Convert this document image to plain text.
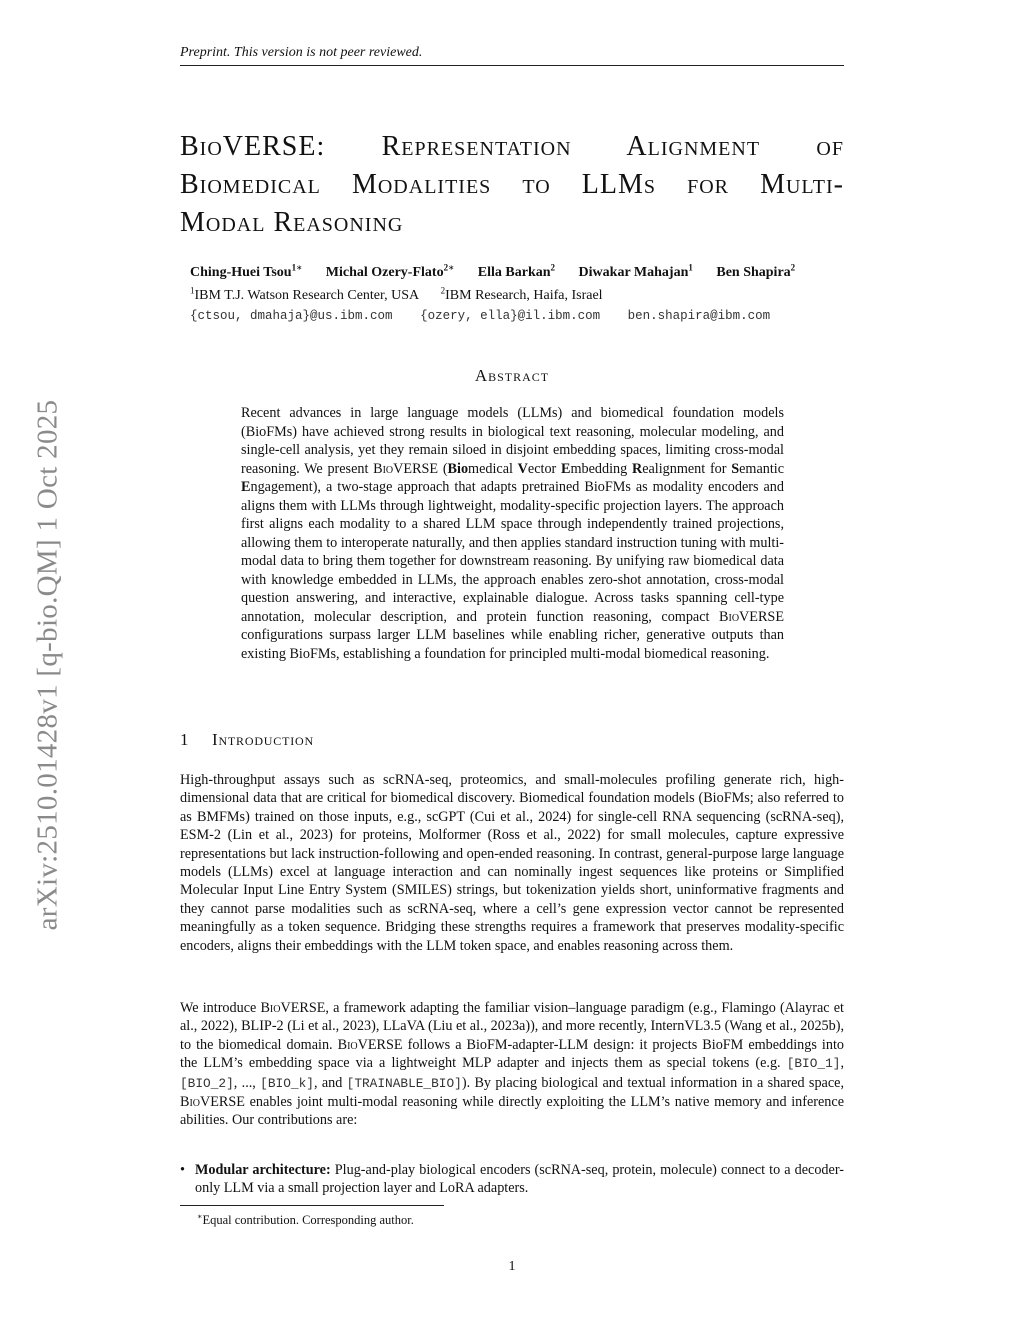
Preprint. This version is not peer reviewed.
arXiv:2510.01428v1 [q-bio.QM] 1 Oct 2025
BioVERSE: Representation Alignment of
Biomedical Modalities to LLMs for Multi-
Modal Reasoning
Ching-Huei Tsou$^{1∗}$ Michal Ozery-Flato$^{2∗}$ Ella Barkan$^2$ Diwakar Mahajan$^1$ Ben Shapira$^2$
$^1$IBM T.J. Watson Research Center, USA $^2$IBM Research, Haifa, Israel
{ctsou, dmahaja}@us.ibm.com {ozery, ella}@il.ibm.com ben.shapira@ibm.com
Abstract
Recent advances in large language models (LLMs) and biomedical foundation models (BioFMs) have achieved strong results in biological text reasoning, molecular modeling, and single-cell analysis, yet they remain siloed in disjoint embedding spaces, limiting cross-modal reasoning. We present BioVERSE (Biomedical Vector Embedding Realignment for Semantic Engagement), a two-stage approach that adapts pretrained BioFMs as modality encoders and aligns them with LLMs through lightweight, modality-specific projection layers. The approach first aligns each modality to a shared LLM space through independently trained projections, allowing them to interoperate naturally, and then applies standard instruction tuning with multi-modal data to bring them together for downstream reasoning. By unifying raw biomedical data with knowledge embedded in LLMs, the approach enables zero-shot annotation, cross-modal question answering, and interactive, explainable dialogue. Across tasks spanning cell-type annotation, molecular description, and protein function reasoning, compact BioVERSE configurations surpass larger LLM baselines while enabling richer, generative outputs than existing BioFMs, establishing a foundation for principled multi-modal biomedical reasoning.
1 Introduction
High-throughput assays such as scRNA-seq, proteomics, and small-molecules profiling generate rich, high-dimensional data that are critical for biomedical discovery. Biomedical foundation models (BioFMs; also referred to as BMFMs) trained on those inputs, e.g., scGPT (Cui et al., 2024) for single-cell RNA sequencing (scRNA-seq), ESM-2 (Lin et al., 2023) for proteins, Molformer (Ross et al., 2022) for small molecules, capture expressive representations but lack instruction-following and open-ended reasoning. In contrast, general-purpose large language models (LLMs) excel at language interaction and can nominally ingest sequences like proteins or Simplified Molecular Input Line Entry System (SMILES) strings, but tokenization yields short, uninformative fragments and they cannot parse modalities such as scRNA-seq, where a cell’s gene expression vector cannot be represented meaningfully as a token sequence. Bridging these strengths requires a framework that preserves modality-specific encoders, aligns their embeddings with the LLM token space, and enables reasoning across them.
We introduce BioVERSE, a framework adapting the familiar vision–language paradigm (e.g., Flamingo (Alayrac et al., 2022), BLIP-2 (Li et al., 2023), LLaVA (Liu et al., 2023a)), and more recently, InternVL3.5 (Wang et al., 2025b), to the biomedical domain. BioVERSE follows a BioFM-adapter-LLM design: it projects BioFM embeddings into the LLM’s embedding space via a lightweight MLP adapter and injects them as special tokens (e.g. [BIO_1], [BIO_2], ..., [BIO_k], and [TRAINABLE_BIO]). By placing biological and textual information in a shared space, BioVERSE enables joint multi-modal reasoning while directly exploiting the LLM’s native memory and inference abilities. Our contributions are:
• Modular architecture: Plug-and-play biological encoders (scRNA-seq, protein, molecule) connect to a decoder-only LLM via a small projection layer and LoRA adapters.
∗Equal contribution. Corresponding author.
1
